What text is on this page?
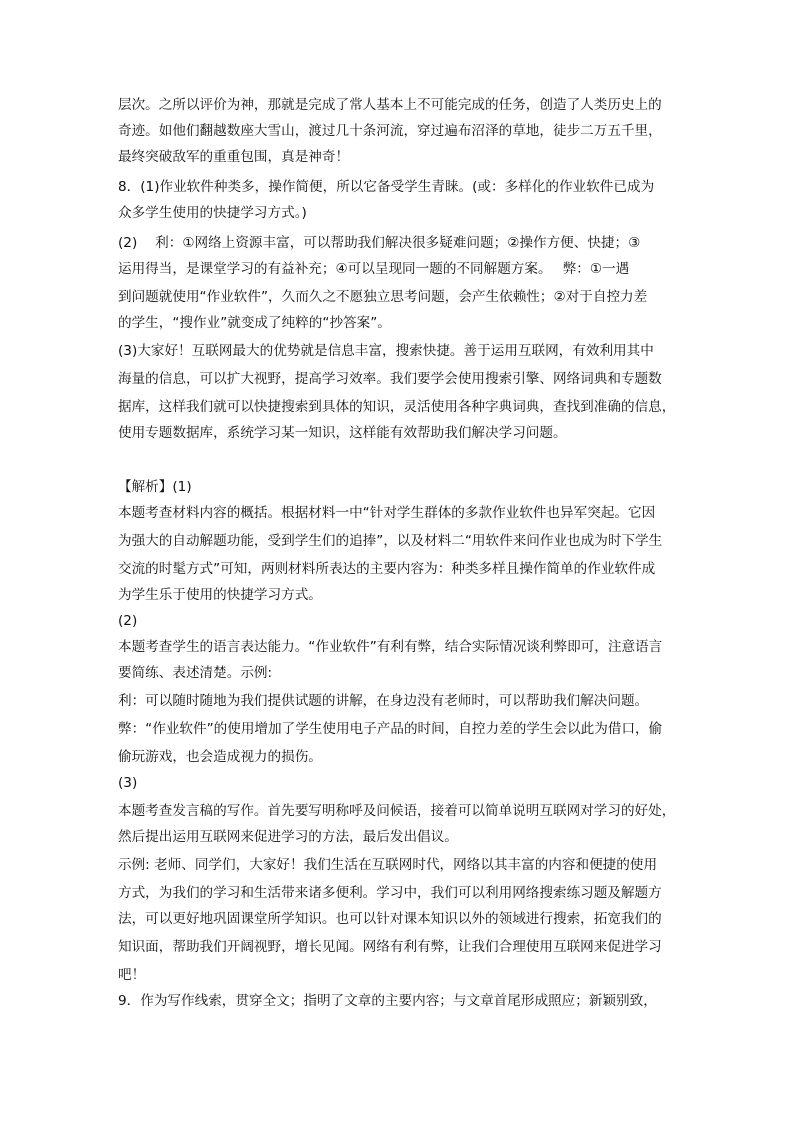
层次。之所以评价为神，那就是完成了常人基本上不可能完成的任务，创造了人类历史上的
奇迹。如他们翻越数座大雪山，渡过几十条河流，穿过遍布沼泽的草地，徒步二万五千里，
最终突破敌军的重重包围，真是神奇！
8．(1)作业软件种类多，操作简便，所以它备受学生青睐。(或：多样化的作业软件已成为
众多学生使用的快捷学习方式。)
(2)　 利：①网络上资源丰富，可以帮助我们解决很多疑难问题；②操作方便、快捷；③
运用得当，是课堂学习的有益补充；④可以呈现同一题的不同解题方案。　 弊：①一遇
到问题就使用“作业软件”，久而久之不愿独立思考问题，会产生依赖性；②对于自控力差
的学生，“搜作业”就变成了纯粹的“抄答案”。
(3)大家好！互联网最大的优势就是信息丰富，搜索快捷。善于运用互联网，有效利用其中
海量的信息，可以扩大视野，提高学习效率。我们要学会使用搜索引擎、网络词典和专题数
据库，这样我们就可以快捷搜索到具体的知识，灵活使用各种字典词典，查找到准确的信息，
使用专题数据库，系统学习某一知识，这样能有效帮助我们解决学习问题。
【解析】(1)
本题考查材料内容的概括。根据材料一中“针对学生群体的多款作业软件也异军突起。它因
为强大的自动解题功能，受到学生们的追捧”，以及材料二“用软件来问作业也成为时下学生
交流的时髦方式”可知，两则材料所表达的主要内容为：种类多样且操作简单的作业软件成
为学生乐于使用的快捷学习方式。
(2)
本题考查学生的语言表达能力。“作业软件”有利有弊，结合实际情况谈利弊即可，注意语言
要简练、表述清楚。示例:
利：可以随时随地为我们提供试题的讲解，在身边没有老师时，可以帮助我们解决问题。
弊：“作业软件”的使用增加了学生使用电子产品的时间，自控力差的学生会以此为借口，偷
偷玩游戏，也会造成视力的损伤。
(3)
本题考查发言稿的写作。首先要写明称呼及问候语，接着可以简单说明互联网对学习的好处，
然后提出运用互联网来促进学习的方法，最后发出倡议。
示例: 老师、同学们，大家好！我们生活在互联网时代，网络以其丰富的内容和便捷的使用
方式，为我们的学习和生活带来诸多便利。学习中，我们可以利用网络搜索练习题及解题方
法，可以更好地巩固课堂所学知识。也可以针对课本知识以外的领域进行搜索，拓宽我们的
知识面，帮助我们开阔视野，增长见闻。网络有利有弊，让我们合理使用互联网来促进学习
吧！
9．作为写作线索，贯穿全文；指明了文章的主要内容；与文章首尾形成照应；新颖别致，
